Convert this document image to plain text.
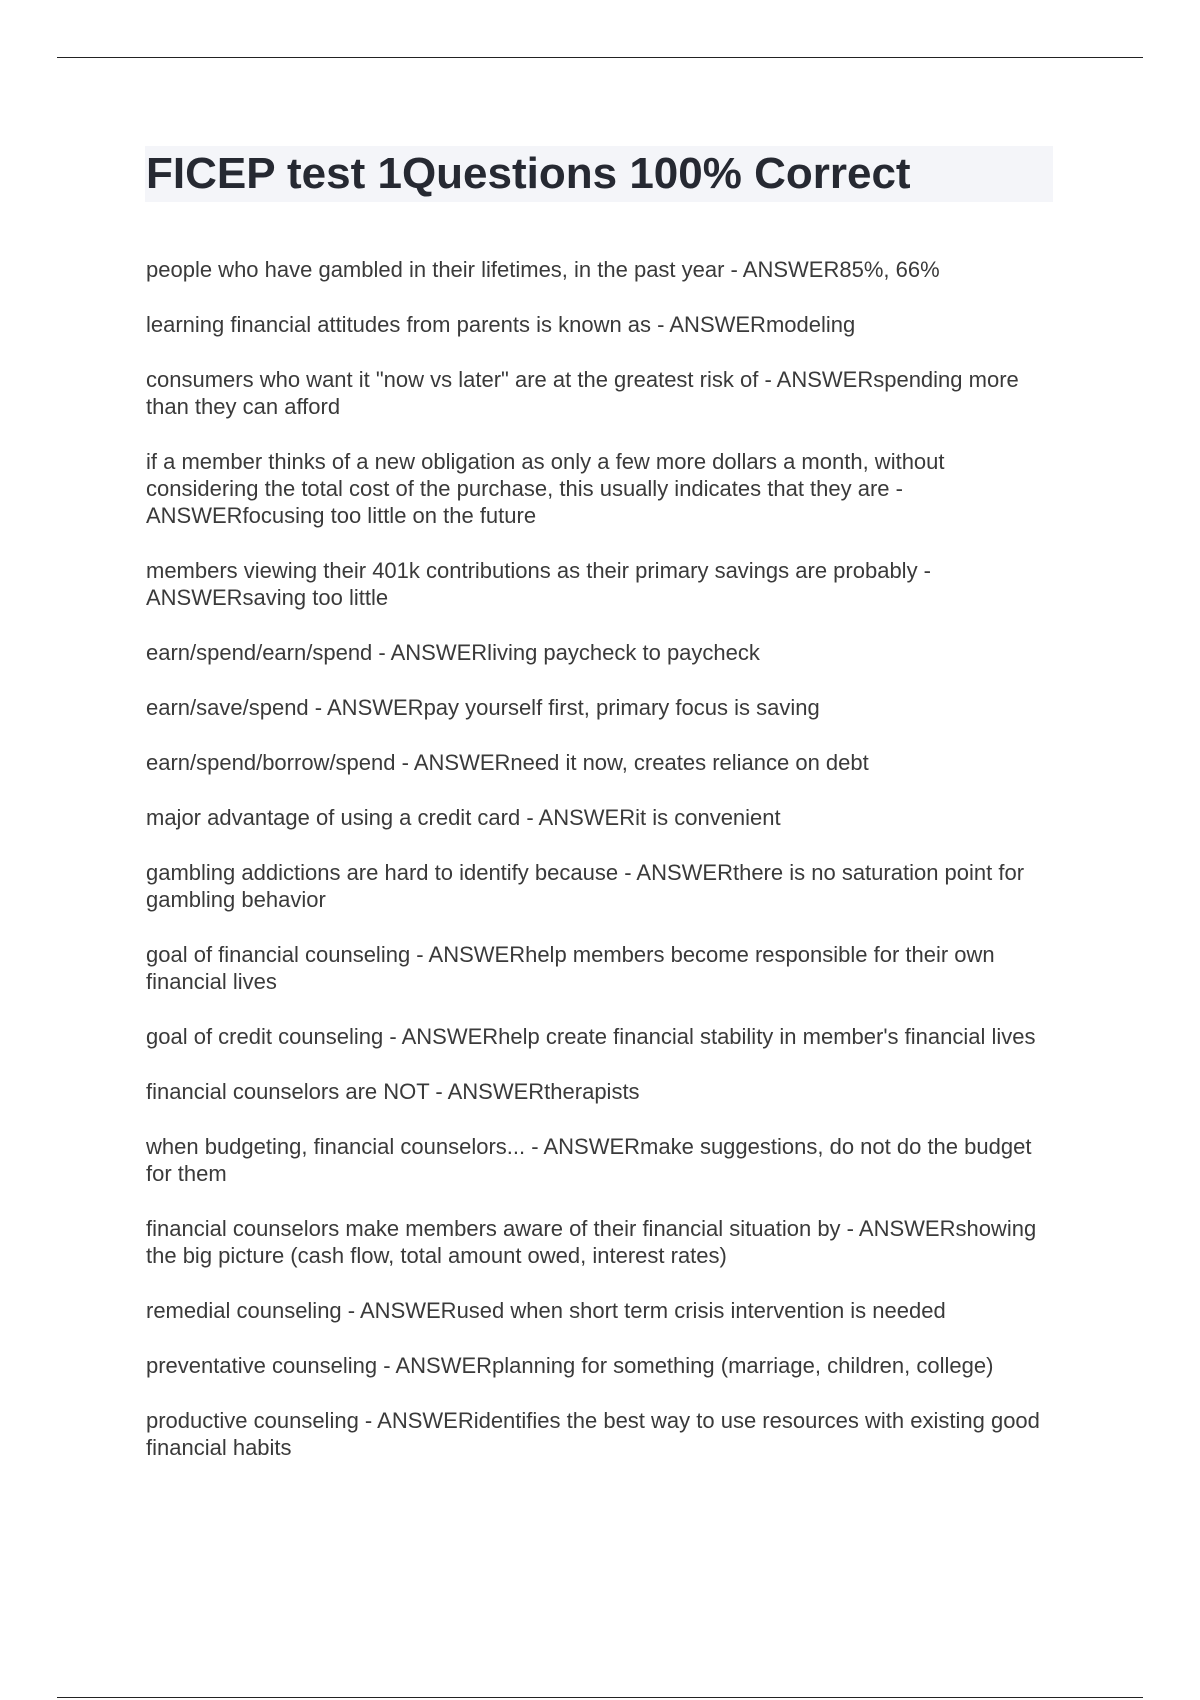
FICEP test 1Questions 100% Correct
people who have gambled in their lifetimes, in the past year - ANSWER85%, 66%
learning financial attitudes from parents is known as - ANSWERmodeling
consumers who want it "now vs later" are at the greatest risk of - ANSWERspending more than they can afford
if a member thinks of a new obligation as only a few more dollars a month, without considering the total cost of the purchase, this usually indicates that they are - ANSWERfocusing too little on the future
members viewing their 401k contributions as their primary savings are probably - ANSWERsaving too little
earn/spend/earn/spend - ANSWERliving paycheck to paycheck
earn/save/spend - ANSWERpay yourself first, primary focus is saving
earn/spend/borrow/spend - ANSWERneed it now, creates reliance on debt
major advantage of using a credit card - ANSWERit is convenient
gambling addictions are hard to identify because - ANSWERthere is no saturation point for gambling behavior
goal of financial counseling - ANSWERhelp members become responsible for their own financial lives
goal of credit counseling - ANSWERhelp create financial stability in member's financial lives
financial counselors are NOT - ANSWERtherapists
when budgeting, financial counselors... - ANSWERmake suggestions, do not do the budget for them
financial counselors make members aware of their financial situation by - ANSWERshowing the big picture (cash flow, total amount owed, interest rates)
remedial counseling - ANSWERused when short term crisis intervention is needed
preventative counseling - ANSWERplanning for something (marriage, children, college)
productive counseling - ANSWERidentifies the best way to use resources with existing good financial habits
